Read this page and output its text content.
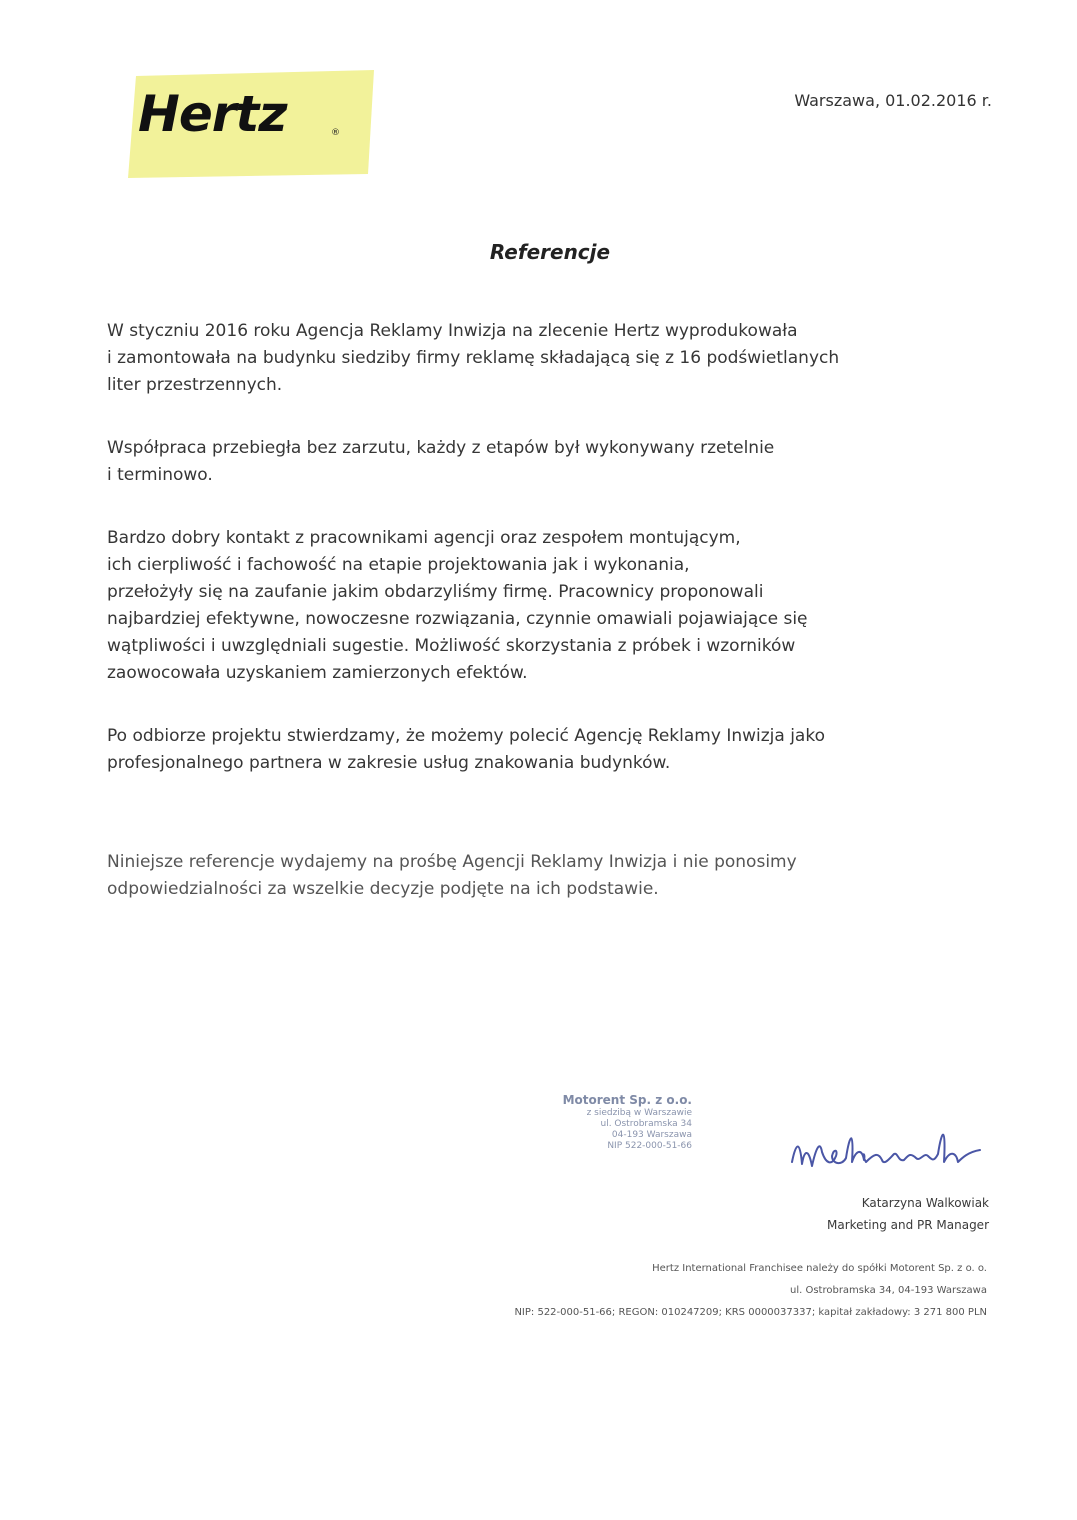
Hertz	®
Warszawa, 01.02.2016 r.
Referencje
W styczniu 2016 roku Agencja Reklamy Inwizja na zlecenie Hertz wyprodukowała
i zamontowała na budynku siedziby firmy reklamę składającą się z 16 podświetlanych
liter przestrzennych.
Współpraca przebiegła bez zarzutu, każdy z etapów był wykonywany rzetelnie
i terminowo.
Bardzo dobry kontakt z pracownikami agencji oraz zespołem montującym,
ich cierpliwość i fachowość na etapie projektowania jak i wykonania,
przełożyły się na zaufanie jakim obdarzyliśmy firmę. Pracownicy proponowali
najbardziej efektywne, nowoczesne rozwiązania, czynnie omawiali pojawiające się
wątpliwości i uwzględniali sugestie. Możliwość skorzystania z próbek i wzorników
zaowocowała uzyskaniem zamierzonych efektów.
Po odbiorze projektu stwierdzamy, że możemy polecić Agencję Reklamy Inwizja jako
profesjonalnego partnera w zakresie usług znakowania budynków.
Niniejsze referencje wydajemy na prośbę Agencji Reklamy Inwizja i nie ponosimy
odpowiedzialności za wszelkie decyzje podjęte na ich podstawie.
Motorent Sp. z o.o.
z siedzibą w Warszawie
ul. Ostrobramska 34
04-193 Warszawa
NIP 522-000-51-66
Katarzyna Walkowiak
Marketing and PR Manager
Hertz International Franchisee należy do spółki Motorent Sp. z o. o.
ul. Ostrobramska 34, 04-193 Warszawa
NIP: 522-000-51-66; REGON: 010247209; KRS 0000037337; kapitał zakładowy: 3 271 800 PLN
